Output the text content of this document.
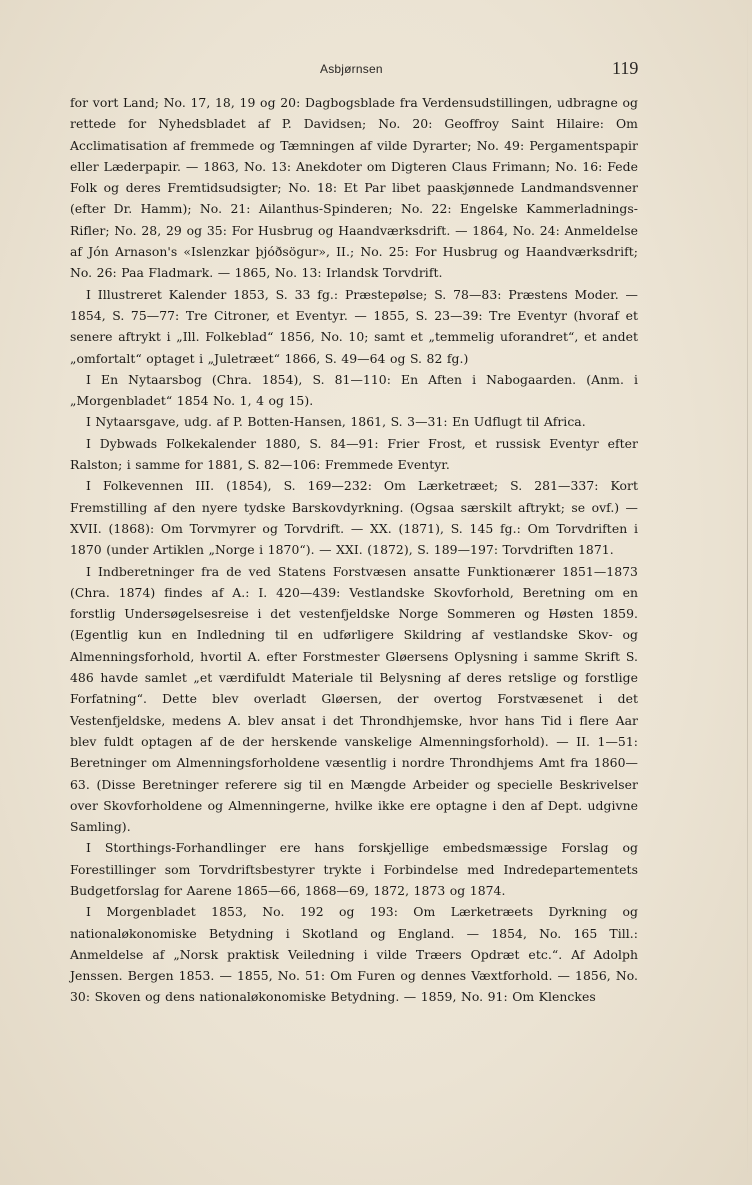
Asbjørnsen	119

for vort Land; No. 17, 18, 19 og 20: Dagbogsblade fra Verdensudstillingen, udbragne og rettede for Nyhedsbladet af P. Davidsen; No. 20: Geoffroy Saint Hilaire: Om Acclimatisation af fremmede og Tæmningen af vilde Dyrarter; No. 49: Pergamentspapir eller Læderpapir. — 1863, No. 13: Anekdoter om Digteren Claus Frimann; No. 16: Fede Folk og deres Fremtidsudsigter; No. 18: Et Par libet paaskjønnede Landmandsvenner (efter Dr. Hamm); No. 21: Ailanthus-Spinderen; No. 22: Engelske Kammerladnings-Rifler; No. 28, 29 og 35: For Husbrug og Haandværksdrift. — 1864, No. 24: Anmeldelse af Jón Arnason's «Islenzkar þjóðsögur», II.; No. 25: For Husbrug og Haandværksdrift; No. 26: Paa Fladmark. — 1865, No. 13: Irlandsk Torvdrift.

I Illustreret Kalender 1853, S. 33 fg.: Præstepølse; S. 78—83: Præstens Moder. — 1854, S. 75—77: Tre Citroner, et Eventyr. — 1855, S. 23—39: Tre Eventyr (hvoraf et senere aftrykt i „Ill. Folkeblad“ 1856, No. 10; samt et „temmelig uforandret“, et andet „omfortalt“ optaget i „Juletræet“ 1866, S. 49—64 og S. 82 fg.)

I En Nytaarsbog (Chra. 1854), S. 81—110: En Aften i Nabogaarden. (Anm. i „Morgenbladet“ 1854 No. 1, 4 og 15).

I Nytaarsgave, udg. af P. Botten-Hansen, 1861, S. 3—31: En Udflugt til Africa.

I Dybwads Folkekalender 1880, S. 84—91: Frier Frost, et russisk Eventyr efter Ralston; i samme for 1881, S. 82—106: Fremmede Eventyr.

I Folkevennen III. (1854), S. 169—232: Om Lærketræet; S. 281—337: Kort Fremstilling af den nyere tydske Barskovdyrkning. (Ogsaa særskilt aftrykt; se ovf.) — XVII. (1868): Om Torvmyrer og Torvdrift. — XX. (1871), S. 145 fg.: Om Torvdriften i 1870 (under Artiklen „Norge i 1870“). — XXI. (1872), S. 189—197: Torvdriften 1871.

I Indberetninger fra de ved Statens Forstvæsen ansatte Funktionærer 1851—1873 (Chra. 1874) findes af A.: I. 420—439: Vestlandske Skovforhold, Beretning om en forstlig Undersøgelsesreise i det vestenfjeldske Norge Sommeren og Høsten 1859. (Egentlig kun en Indledning til en udførligere Skildring af vestlandske Skov- og Almenningsforhold, hvortil A. efter Forstmester Gløersens Oplysning i samme Skrift S. 486 havde samlet „et værdifuldt Materiale til Belysning af deres retslige og forstlige Forfatning“. Dette blev overladt Gløersen, der overtog Forstvæsenet i det Vestenfjeldske, medens A. blev ansat i det Throndhjemske, hvor hans Tid i flere Aar blev fuldt optagen af de der herskende vanskelige Almenningsforhold). — II. 1—51: Beretninger om Almenningsforholdene væsentlig i nordre Throndhjems Amt fra 1860—63. (Disse Beretninger referere sig til en Mængde Arbeider og specielle Beskrivelser over Skovforholdene og Almenningerne, hvilke ikke ere optagne i den af Dept. udgivne Samling).

I Storthings-Forhandlinger ere hans forskjellige embedsmæssige Forslag og Forestillinger som Torvdriftsbestyrer trykte i Forbindelse med Indredepartementets Budgetforslag for Aarene 1865—66, 1868—69, 1872, 1873 og 1874.

I Morgenbladet 1853, No. 192 og 193: Om Lærketræets Dyrkning og nationaløkonomiske Betydning i Skotland og England. — 1854, No. 165 Till.: Anmeldelse af „Norsk praktisk Veiledning i vilde Træers Opdræt etc.“. Af Adolph Jenssen. Bergen 1853. — 1855, No. 51: Om Furen og dennes Væxtforhold. — 1856, No. 30: Skoven og dens nationaløkonomiske Betydning. — 1859, No. 91: Om Klenckes
